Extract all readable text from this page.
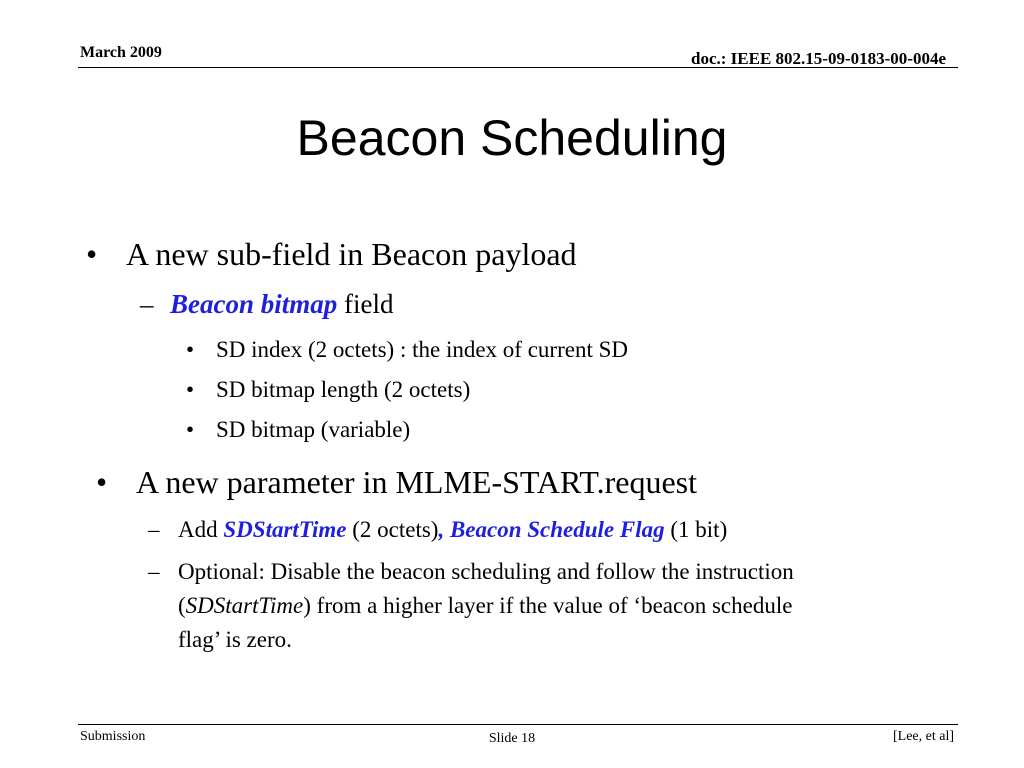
March 2009	doc.: IEEE 802.15-09-0183-00-004e
Beacon Scheduling
• A new sub-field in Beacon payload
– Beacon bitmap field
• SD index (2 octets) : the index of current SD
• SD bitmap length (2 octets)
• SD bitmap (variable)
• A new parameter in MLME-START.request
– Add SDStartTime (2 octets), Beacon Schedule Flag (1 bit)
– Optional: Disable the beacon scheduling and follow the instruction
(SDStartTime) from a higher layer if the value of ‘beacon schedule
flag’ is zero.
Submission	Slide 18	[Lee, et al]
